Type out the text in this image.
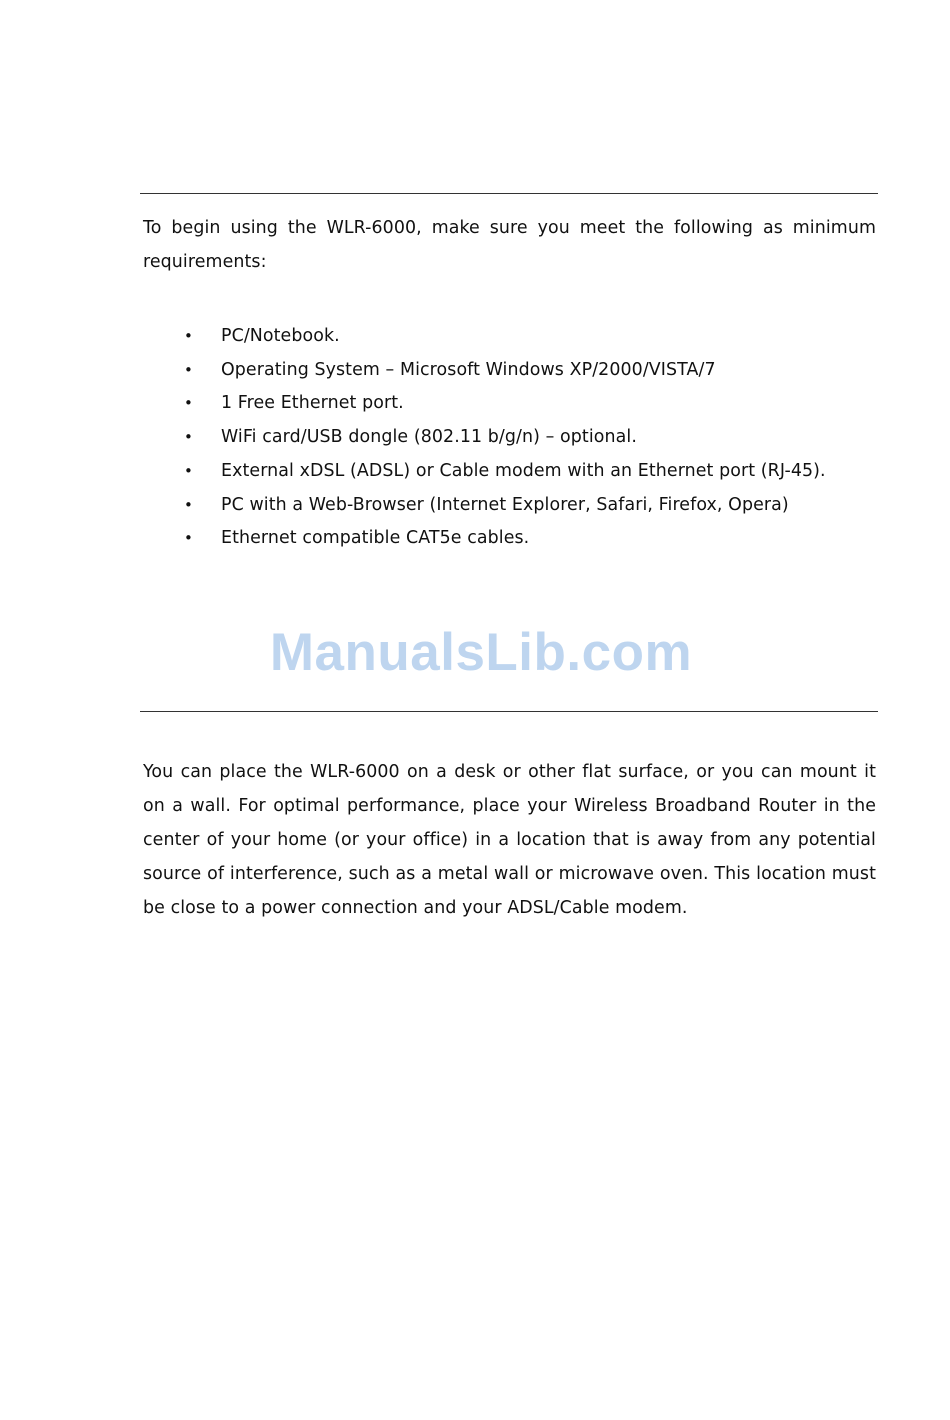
To begin using the WLR-6000, make sure you meet the following as minimum requirements:

• PC/Notebook.
• Operating System – Microsoft Windows XP/2000/VISTA/7
• 1 Free Ethernet port.
• WiFi card/USB dongle (802.11 b/g/n) – optional.
• External xDSL (ADSL) or Cable modem with an Ethernet port (RJ-45).
• PC with a Web-Browser (Internet Explorer, Safari, Firefox, Opera)
• Ethernet compatible CAT5e cables.
ManualsLib.com

You can place the WLR-6000 on a desk or other flat surface, or you can mount it on a wall. For optimal performance, place your Wireless Broadband Router in the center of your home (or your office) in a location that is away from any potential source of interference, such as a metal wall or microwave oven. This location must be close to a power connection and your ADSL/Cable modem.
